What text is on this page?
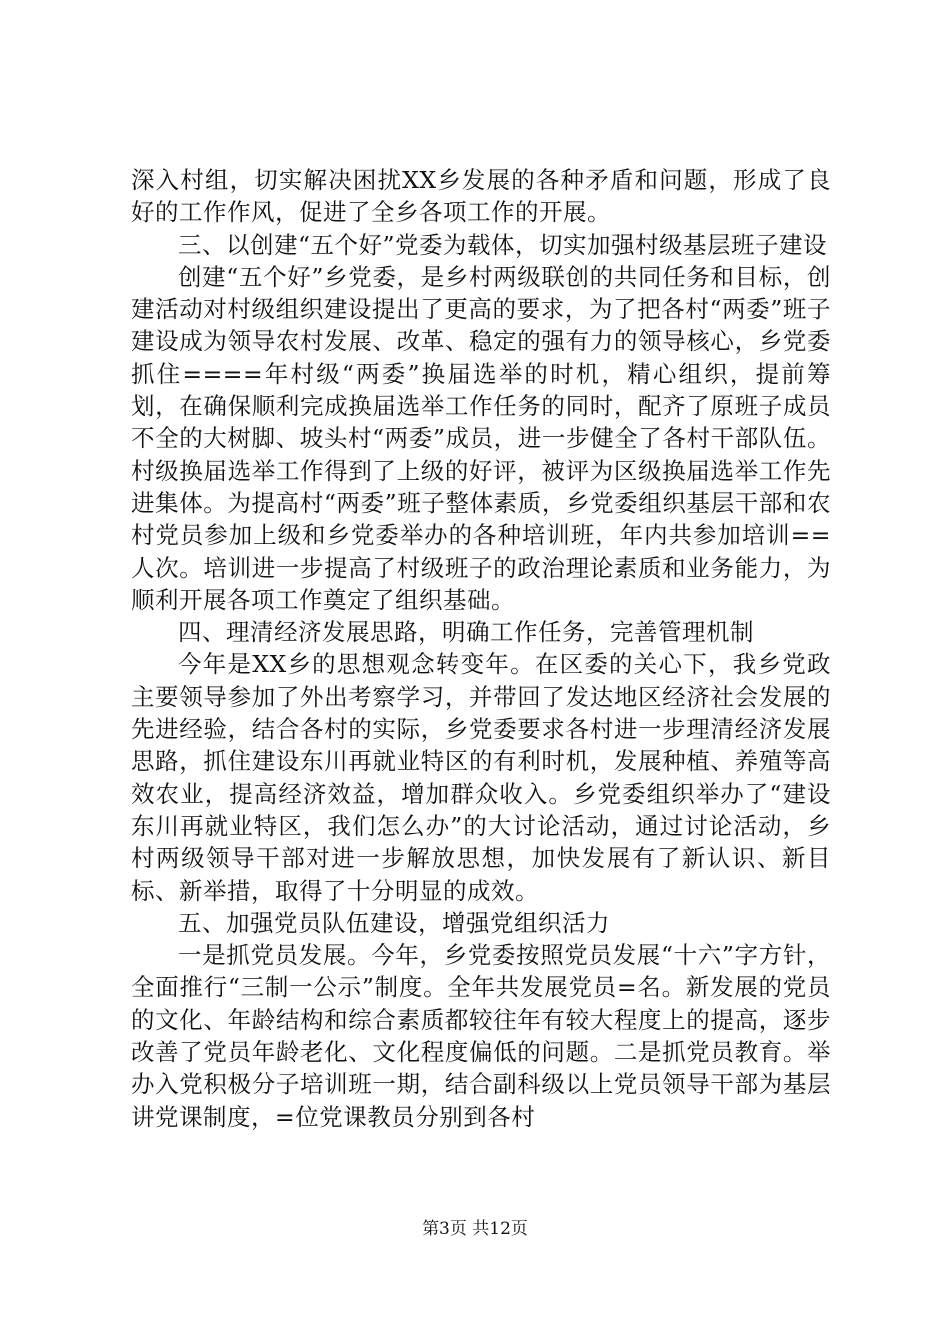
深入村组，切实解决困扰XX乡发展的各种矛盾和问题，形成了良好的工作作风，促进了全乡各项工作的开展。

三、以创建“五个好”党委为载体，切实加强村级基层班子建设

创建“五个好”乡党委，是乡村两级联创的共同任务和目标，创建活动对村级组织建设提出了更高的要求，为了把各村“两委”班子建设成为领导农村发展、改革、稳定的强有力的领导核心，乡党委抓住====年村级“两委”换届选举的时机，精心组织，提前筹划，在确保顺利完成换届选举工作任务的同时，配齐了原班子成员不全的大树脚、坡头村“两委”成员，进一步健全了各村干部队伍。村级换届选举工作得到了上级的好评，被评为区级换届选举工作先进集体。为提高村“两委”班子整体素质，乡党委组织基层干部和农村党员参加上级和乡党委举办的各种培训班，年内共参加培训==人次。培训进一步提高了村级班子的政治理论素质和业务能力，为顺利开展各项工作奠定了组织基础。

四、理清经济发展思路，明确工作任务，完善管理机制

今年是XX乡的思想观念转变年。在区委的关心下，我乡党政主要领导参加了外出考察学习，并带回了发达地区经济社会发展的先进经验，结合各村的实际，乡党委要求各村进一步理清经济发展思路，抓住建设东川再就业特区的有利时机，发展种植、养殖等高效农业，提高经济效益，增加群众收入。乡党委组织举办了“建设东川再就业特区，我们怎么办”的大讨论活动，通过讨论活动，乡村两级领导干部对进一步解放思想，加快发展有了新认识、新目标、新举措，取得了十分明显的成效。

五、加强党员队伍建设，增强党组织活力

一是抓党员发展。今年，乡党委按照党员发展“十六”字方针，全面推行“三制一公示”制度。全年共发展党员=名。新发展的党员的文化、年龄结构和综合素质都较往年有较大程度上的提高，逐步改善了党员年龄老化、文化程度偏低的问题。二是抓党员教育。举办入党积极分子培训班一期，结合副科级以上党员领导干部为基层讲党课制度，=位党课教员分别到各村

第3页 共12页
